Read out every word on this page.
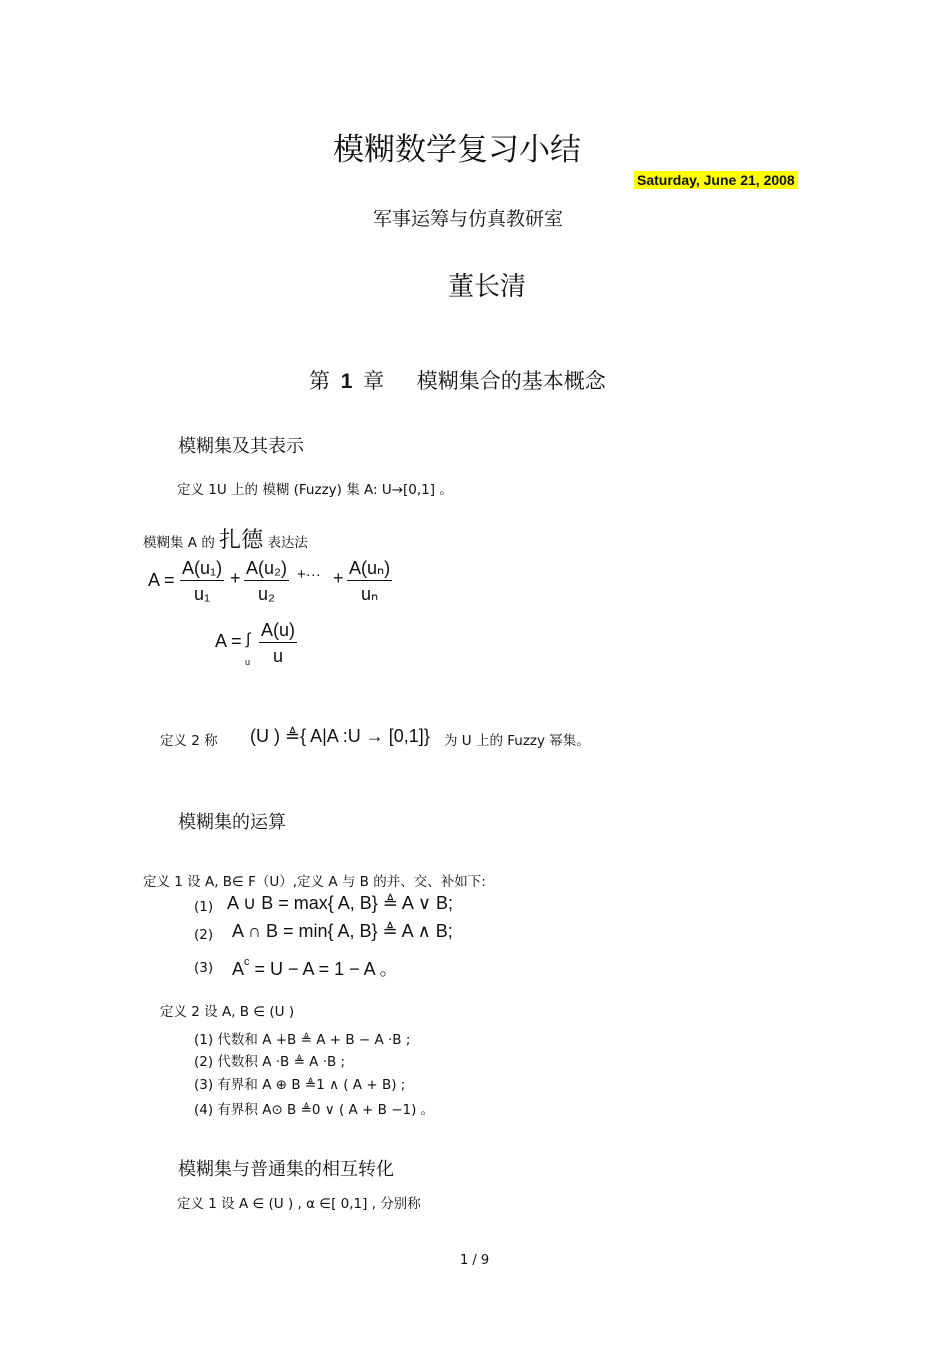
模糊数学复习小结
Saturday, June 21, 2008
军事运筹与仿真教研室
董长清
第 1 章 模糊集合的基本概念
模糊集及其表示
定义 1U 上的 模糊 (Fuzzy) 集 A: U→[0,1] 。
模糊集 A 的 扎德 表达法
$A = \frac{\text{A(u₁)}}{\text{u₁}} + \frac{\text{A(u₂)}}{\text{u₂}}$ +··· + $\frac{\text{A(uₙ)}}{\text{uₙ}}$
A = ∫
u $\frac{A(u)}{u}$
定义 2 称 (U ) ≜{ A|A :U → [0,1]} 为 U 上的 Fuzzy 幂集。
模糊集的运算
定义 1 设 A, B∈ F（U）,定义 A 与 B 的并、交、补如下:
(1) A ∪ B = max{ A, B} ≜ A ∨ B;
(2) A ∩ B = min{ A, B} ≜ A ∧ B;
(3) $A^c = U - A = 1 - A$ 。
定义 2 设 A, B ∈ (U )
(1) 代数和 A ∔B ≜ A + B − A ·B ;
(2) 代数积 A ·B ≜ A ·B ;
(3) 有界和 A ⊕ B ≜1 ∧ ( A + B) ;
(4) 有界积 A⊙ B ≜0 ∨ ( A + B −1) 。
模糊集与普通集的相互转化
定义 1 设 A ∈ (U ) , α ∈[ 0,1] , 分别称
1 / 9
